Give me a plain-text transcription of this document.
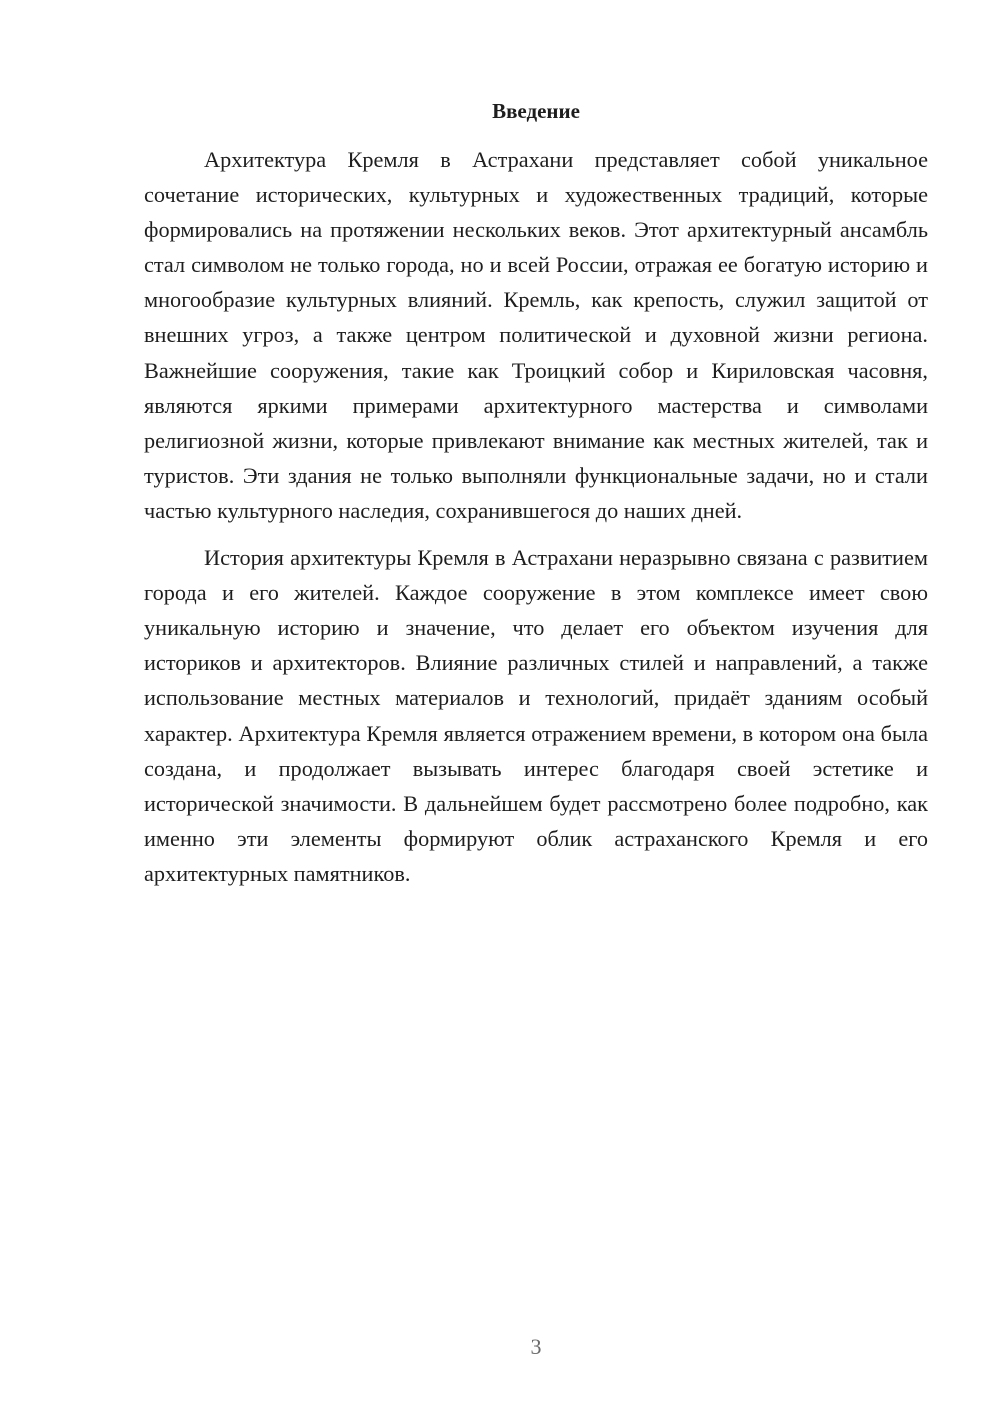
Введение

Архитектура Кремля в Астрахани представляет собой уникальное сочетание исторических, культурных и художественных традиций, которые формировались на протяжении нескольких веков. Этот архитектурный ансамбль стал символом не только города, но и всей России, отражая ее богатую историю и многообразие культурных влияний. Кремль, как крепость, служил защитой от внешних угроз, а также центром политической и духовной жизни региона. Важнейшие сооружения, такие как Троицкий собор и Кириловская часовня, являются яркими примерами архитектурного мастерства и символами религиозной жизни, которые привлекают внимание как местных жителей, так и туристов. Эти здания не только выполняли функциональные задачи, но и стали частью культурного наследия, сохранившегося до наших дней.

История архитектуры Кремля в Астрахани неразрывно связана с развитием города и его жителей. Каждое сооружение в этом комплексе имеет свою уникальную историю и значение, что делает его объектом изучения для историков и архитекторов. Влияние различных стилей и направлений, а также использование местных материалов и технологий, придаёт зданиям особый характер. Архитектура Кремля является отражением времени, в котором она была создана, и продолжает вызывать интерес благодаря своей эстетике и исторической значимости. В дальнейшем будет рассмотрено более подробно, как именно эти элементы формируют облик астраханского Кремля и его архитектурных памятников.

3
